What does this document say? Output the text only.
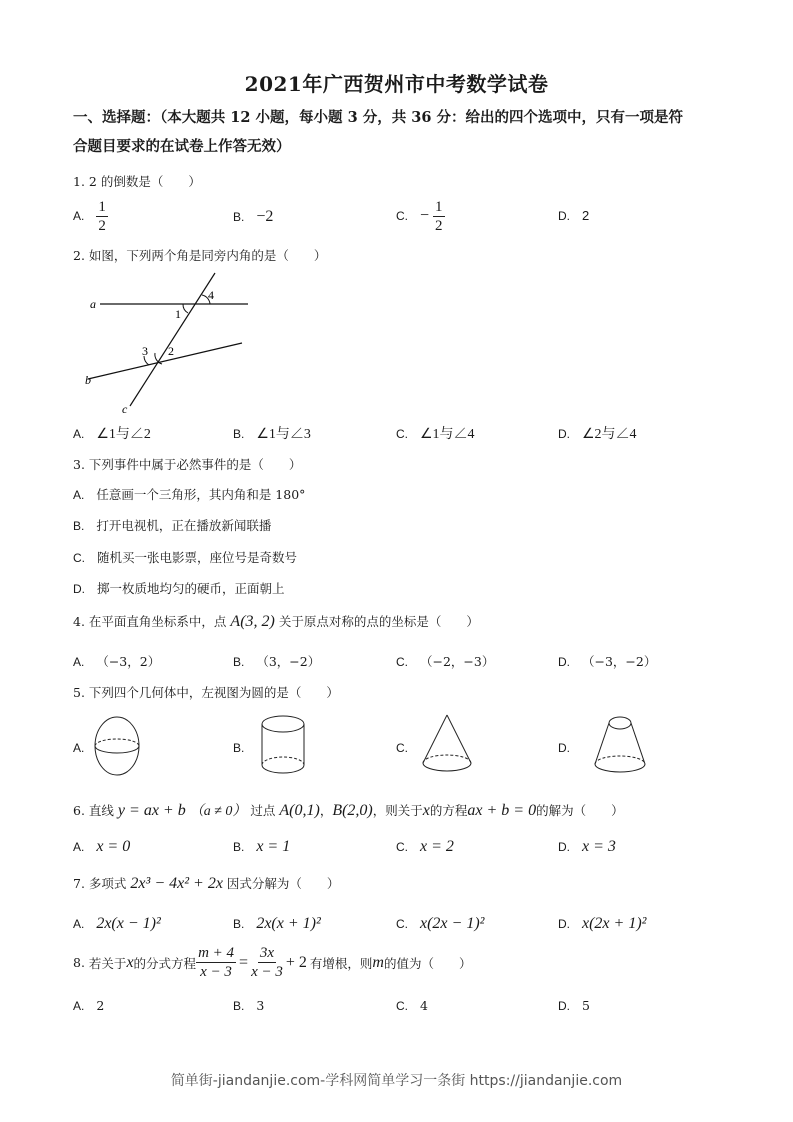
2021年广西贺州市中考数学试卷
一、选择题：（本大题共 12 小题，每小题 3 分，共 36 分：给出的四个选项中，只有一项是符
合题目要求的在试卷上作答无效）
1. 2 的倒数是（　　）
A. $\frac{1}{2}$	B. −2	C. − $\frac{1}{2}$	D. 2
2. 如图，下列两个角是同旁内角的是（　　）
a
b
c
1
2
3
4
A. ∠1与∠2	B. ∠1与∠3	C. ∠1与∠4	D. ∠2与∠4
3. 下列事件中属于必然事件的是（　　）
A. 任意画一个三角形，其内角和是 180°
B. 打开电视机，正在播放新闻联播
C. 随机买一张电影票，座位号是奇数号
D. 掷一枚质地均匀的硬币，正面朝上
4. 在平面直角坐标系中，点 A(3, 2) 关于原点对称的点的坐标是（　　）
A. （−3，2）	B. （3，−2）	C. （−2，−3）	D. （−3，−2）
5. 下列四个几何体中，左视图为圆的是（　　）
A.	B.	C.	D.
6. 直线 y = ax + b （a ≠ 0） 过点 A(0,1)，B(2,0)，则关于x的方程ax + b = 0的解为（　　）
A. x = 0	B. x = 1	C. x = 2	D. x = 3
7. 多项式 2x³ − 4x² + 2x 因式分解为（　　）
A. 2x(x − 1)²	B. 2x(x + 1)²	C. x(2x − 1)²	D. x(2x + 1)²
8.
若关于 x 的分式方程 $\frac{m + 4}{x - 3} = \frac{3x}{x - 3} + 2$ 有增根，则 m 的值为（　　）
A. 2	B. 3	C. 4	D. 5
简单街-jiandanjie.com-学科网简单学习一条街 https://jiandanjie.com
